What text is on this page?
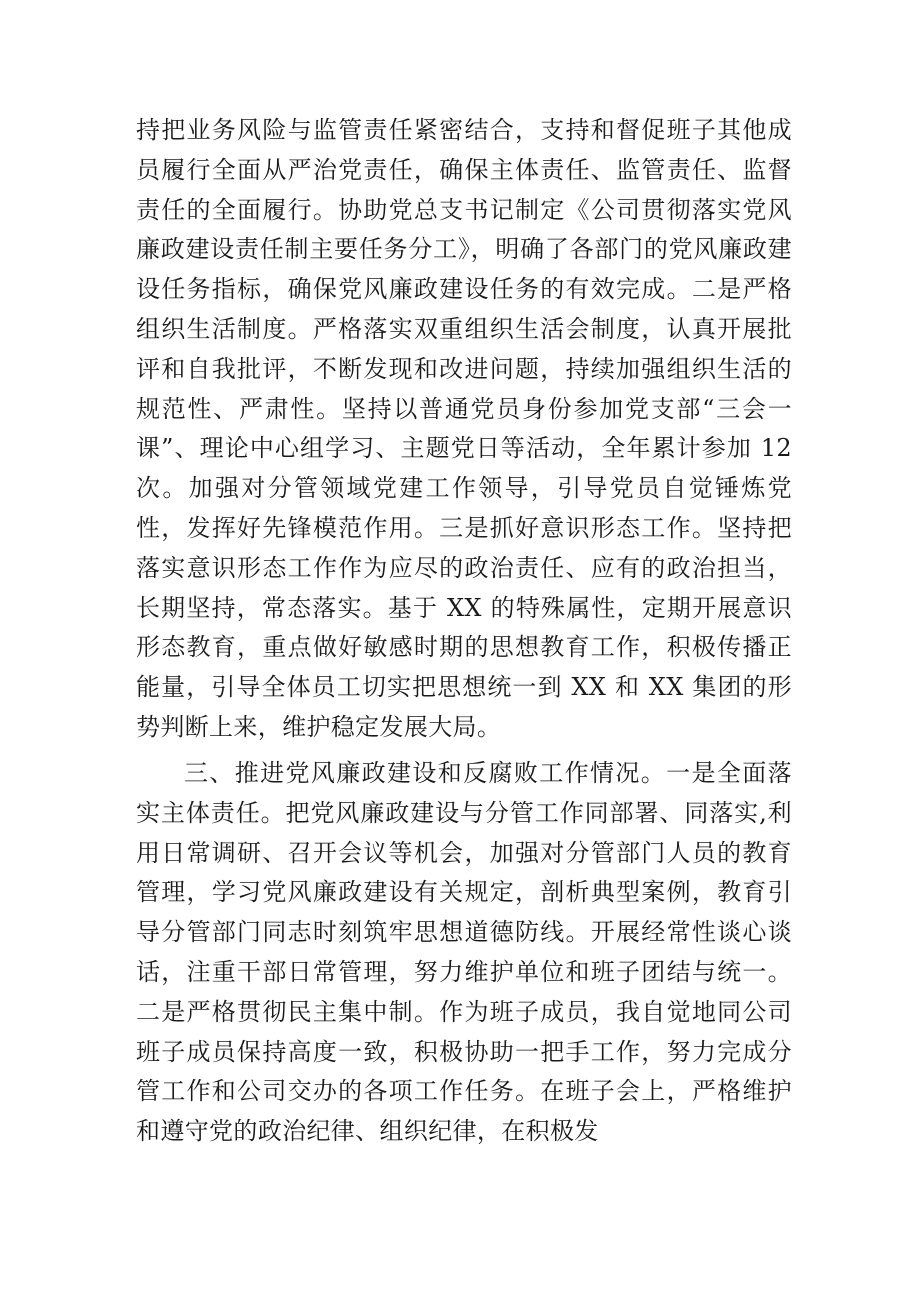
持把业务风险与监管责任紧密结合，支持和督促班子其他成员履行全面从严治党责任，确保主体责任、监管责任、监督责任的全面履行。协助党总支书记制定《公司贯彻落实党风廉政建设责任制主要任务分工》，明确了各部门的党风廉政建设任务指标，确保党风廉政建设任务的有效完成。二是严格组织生活制度。严格落实双重组织生活会制度，认真开展批评和自我批评，不断发现和改进问题，持续加强组织生活的规范性、严肃性。坚持以普通党员身份参加党支部“三会一课”、理论中心组学习、主题党日等活动，全年累计参加 12 次。加强对分管领域党建工作领导，引导党员自觉锤炼党性，发挥好先锋模范作用。三是抓好意识形态工作。坚持把落实意识形态工作作为应尽的政治责任、应有的政治担当，长期坚持，常态落实。基于 XX 的特殊属性，定期开展意识形态教育，重点做好敏感时期的思想教育工作，积极传播正能量，引导全体员工切实把思想统一到 XX 和 XX 集团的形势判断上来，维护稳定发展大局。

三、推进党风廉政建设和反腐败工作情况。一是全面落实主体责任。把党风廉政建设与分管工作同部署、同落实,利用日常调研、召开会议等机会，加强对分管部门人员的教育管理，学习党风廉政建设有关规定，剖析典型案例，教育引导分管部门同志时刻筑牢思想道德防线。开展经常性谈心谈话，注重干部日常管理，努力维护单位和班子团结与统一。二是严格贯彻民主集中制。作为班子成员，我自觉地同公司班子成员保持高度一致，积极协助一把手工作，努力完成分管工作和公司交办的各项工作任务。在班子会上，严格维护和遵守党的政治纪律、组织纪律，在积极发
